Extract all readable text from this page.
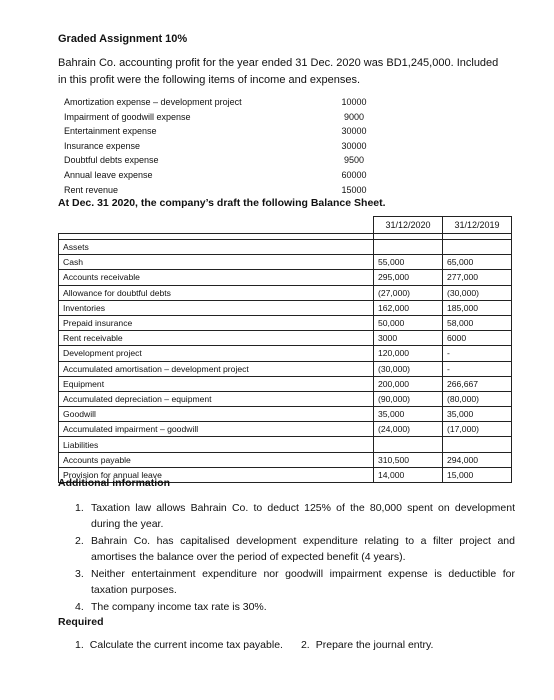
Graded Assignment 10%
Bahrain Co. accounting profit for the year ended 31 Dec. 2020 was BD1,245,000. Included in this profit were the following items of income and expenses.
Amortization expense – development project	10000
Impairment of goodwill expense	9000
Entertainment expense	30000
Insurance expense	30000
Doubtful debts expense	9500
Annual leave expense	60000
Rent revenue	15000
At Dec. 31 2020, the company’s draft the following Balance Sheet.
	31/12/2020	31/12/2019

Assets		
Cash	55,000	65,000
Accounts receivable	295,000	277,000
Allowance for doubtful debts	(27,000)	(30,000)
Inventories	162,000	185,000
Prepaid insurance	50,000	58,000
Rent receivable	3000	6000
Development project	120,000	-
Accumulated amortisation – development project	(30,000)	-
Equipment	200,000	266,667
Accumulated depreciation – equipment	(90,000)	(80,000)
Goodwill	35,000	35,000
Accumulated impairment – goodwill	(24,000)	(17,000)
Liabilities		
Accounts payable	310,500	294,000
Provision for annual leave	14,000	15,000
Additional information
1. Taxation law allows Bahrain Co. to deduct 125% of the 80,000 spent on development during the year.
2. Bahrain Co. has capitalised development expenditure relating to a filter project and amortises the balance over the period of expected benefit (4 years).
3. Neither entertainment expenditure nor goodwill impairment expense is deductible for taxation purposes.
4. The company income tax rate is 30%.
Required
1. Calculate the current income tax payable. 2. Prepare the journal entry.
